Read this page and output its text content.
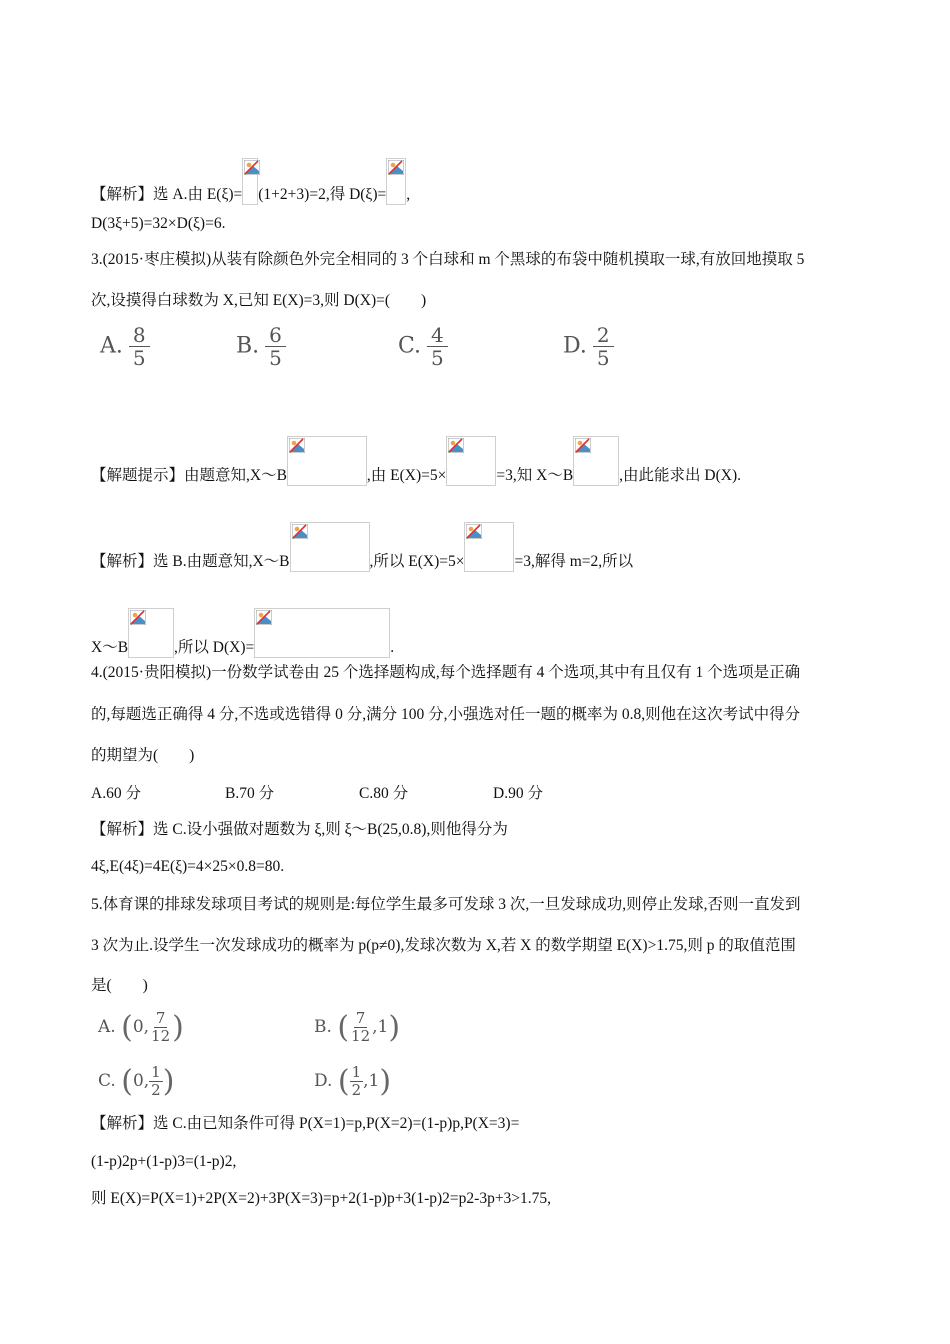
【解析】选 A.由 E(ξ)= (1+2+3)=2,得 D(ξ)= ,
D(3ξ+5)=32×D(ξ)=6.
3.(2015·枣庄模拟)从装有除颜色外完全相同的 3 个白球和 m 个黑球的布袋中随机摸取一球,有放回地摸取 5
次,设摸得白球数为 X,已知 E(X)=3,则 D(X)=(　　)
A. $\frac{8}{5}$	B. $\frac{6}{5}$	C. $\frac{4}{5}$	D. $\frac{2}{5}$
【解题提示】由题意知,X～B	,由 E(X)=5×	=3,知 X～B	,由此能求出 D(X).
【解析】选 B.由题意知,X～B	,所以 E(X)=5×	=3,解得 m=2,所以
X～B	,所以 D(X)=	.
4.(2015·贵阳模拟)一份数学试卷由 25 个选择题构成,每个选择题有 4 个选项,其中有且仅有 1 个选项是正确
的,每题选正确得 4 分,不选或选错得 0 分,满分 100 分,小强选对任一题的概率为 0.8,则他在这次考试中得分
的期望为(　　)
A.60 分	B.70 分	C.80 分	D.90 分
【解析】选 C.设小强做对题数为 ξ,则 ξ～B(25,0.8),则他得分为
4ξ,E(4ξ)=4E(ξ)=4×25×0.8=80.
5.体育课的排球发球项目考试的规则是:每位学生最多可发球 3 次,一旦发球成功,则停止发球,否则一直发到
3 次为止.设学生一次发球成功的概率为 p(p≠0),发球次数为 X,若 X 的数学期望 E(X)>1.75,则 p 的取值范围
是(　　)
A. (0, $\frac{7}{12}$ )	B. ( $\frac{7}{12} ,1$)
C. (0, $\frac{1}{2}$ )	D. ( $\frac{1}{2} ,1$)
【解析】选 C.由已知条件可得 P(X=1)=p,P(X=2)=(1-p)p,P(X=3)=
(1-p)2p+(1-p)3=(1-p)2,
则 E(X)=P(X=1)+2P(X=2)+3P(X=3)=p+2(1-p)p+3(1-p)2=p2-3p+3>1.75,
